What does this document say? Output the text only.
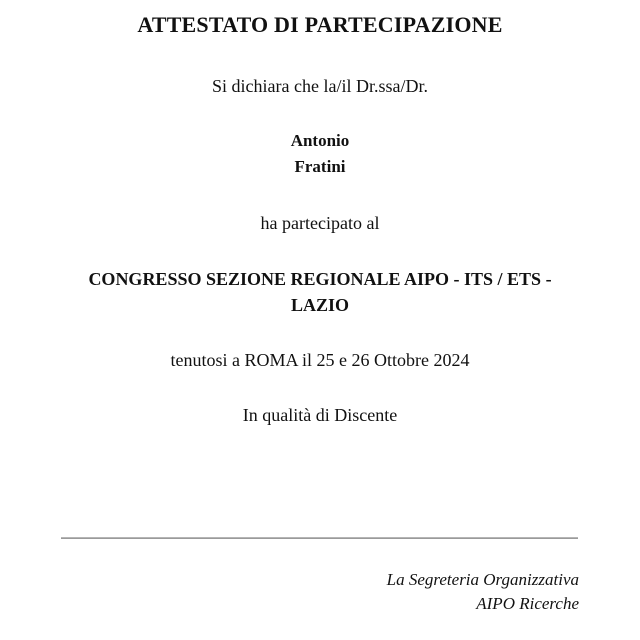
ATTESTATO DI PARTECIPAZIONE
Si dichiara che la/il Dr.ssa/Dr.
Antonio
Fratini
ha partecipato al
CONGRESSO SEZIONE REGIONALE AIPO - ITS / ETS -
LAZIO
tenutosi a ROMA il 25 e 26 Ottobre 2024
In qualità di Discente
La Segreteria Organizzativa
AIPO Ricerche
